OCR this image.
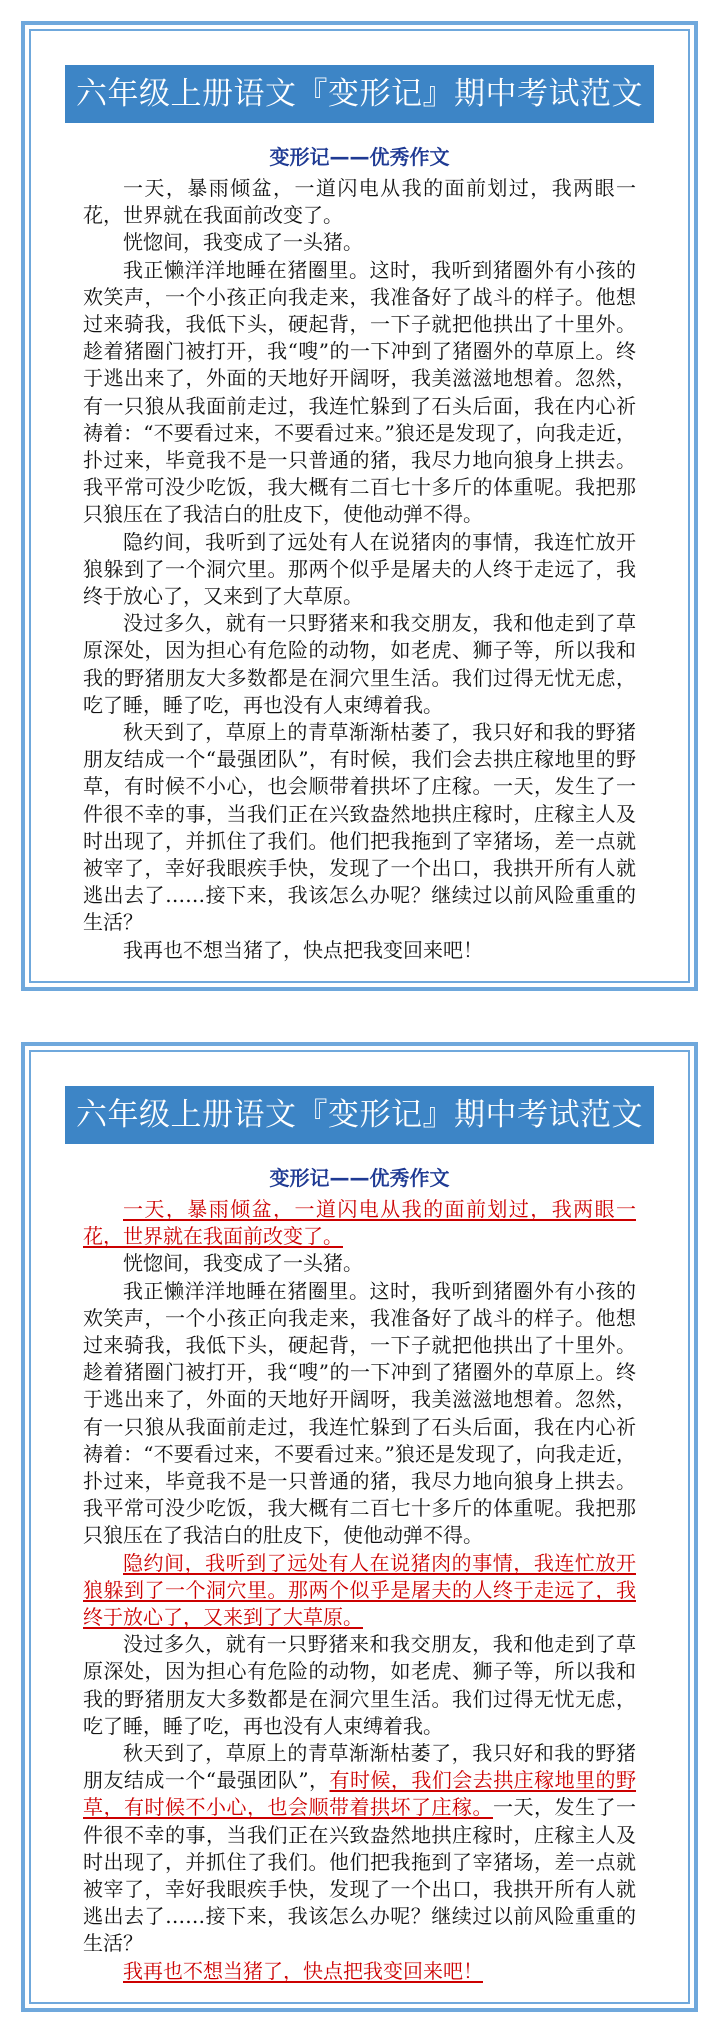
六年级上册语文『变形记』期中考试范文
变形记——优秀作文

一天，暴雨倾盆，一道闪电从我的面前划过，我两眼一花，世界就在我面前改变了。

恍惚间，我变成了一头猪。

我正懒洋洋地睡在猪圈里。这时，我听到猪圈外有小孩的欢笑声，一个小孩正向我走来，我准备好了战斗的样子。他想过来骑我，我低下头，硬起背，一下子就把他拱出了十里外。趁着猪圈门被打开，我“嗖”的一下冲到了猪圈外的草原上。终于逃出来了，外面的天地好开阔呀，我美滋滋地想着。忽然，有一只狼从我面前走过，我连忙躲到了石头后面，我在内心祈祷着：“不要看过来，不要看过来。”狼还是发现了，向我走近，扑过来，毕竟我不是一只普通的猪，我尽力地向狼身上拱去。我平常可没少吃饭，我大概有二百七十多斤的体重呢。我把那只狼压在了我洁白的肚皮下，使他动弹不得。

隐约间，我听到了远处有人在说猪肉的事情，我连忙放开狼躲到了一个洞穴里。那两个似乎是屠夫的人终于走远了，我终于放心了，又来到了大草原。

没过多久，就有一只野猪来和我交朋友，我和他走到了草原深处，因为担心有危险的动物，如老虎、狮子等，所以我和我的野猪朋友大多数都是在洞穴里生活。我们过得无忧无虑，吃了睡，睡了吃，再也没有人束缚着我。

秋天到了，草原上的青草渐渐枯萎了，我只好和我的野猪朋友结成一个“最强团队”，有时候，我们会去拱庄稼地里的野草，有时候不小心，也会顺带着拱坏了庄稼。一天，发生了一件很不幸的事，当我们正在兴致盎然地拱庄稼时，庄稼主人及时出现了，并抓住了我们。他们把我拖到了宰猪场，差一点就被宰了，幸好我眼疾手快，发现了一个出口，我拱开所有人就逃出去了……接下来，我该怎么办呢？继续过以前风险重重的生活？

我再也不想当猪了，快点把我变回来吧！

六年级上册语文『变形记』期中考试范文
变形记——优秀作文

一天，暴雨倾盆，一道闪电从我的面前划过，我两眼一花，世界就在我面前改变了。

恍惚间，我变成了一头猪。

我正懒洋洋地睡在猪圈里。这时，我听到猪圈外有小孩的欢笑声，一个小孩正向我走来，我准备好了战斗的样子。他想过来骑我，我低下头，硬起背，一下子就把他拱出了十里外。趁着猪圈门被打开，我“嗖”的一下冲到了猪圈外的草原上。终于逃出来了，外面的天地好开阔呀，我美滋滋地想着。忽然，有一只狼从我面前走过，我连忙躲到了石头后面，我在内心祈祷着：“不要看过来，不要看过来。”狼还是发现了，向我走近，扑过来，毕竟我不是一只普通的猪，我尽力地向狼身上拱去。我平常可没少吃饭，我大概有二百七十多斤的体重呢。我把那只狼压在了我洁白的肚皮下，使他动弹不得。

隐约间，我听到了远处有人在说猪肉的事情，我连忙放开狼躲到了一个洞穴里。那两个似乎是屠夫的人终于走远了，我终于放心了，又来到了大草原。

没过多久，就有一只野猪来和我交朋友，我和他走到了草原深处，因为担心有危险的动物，如老虎、狮子等，所以我和我的野猪朋友大多数都是在洞穴里生活。我们过得无忧无虑，吃了睡，睡了吃，再也没有人束缚着我。

秋天到了，草原上的青草渐渐枯萎了，我只好和我的野猪朋友结成一个“最强团队”，有时候，我们会去拱庄稼地里的野草，有时候不小心，也会顺带着拱坏了庄稼。一天，发生了一件很不幸的事，当我们正在兴致盎然地拱庄稼时，庄稼主人及时出现了，并抓住了我们。他们把我拖到了宰猪场，差一点就被宰了，幸好我眼疾手快，发现了一个出口，我拱开所有人就逃出去了……接下来，我该怎么办呢？继续过以前风险重重的生活？

我再也不想当猪了，快点把我变回来吧！
